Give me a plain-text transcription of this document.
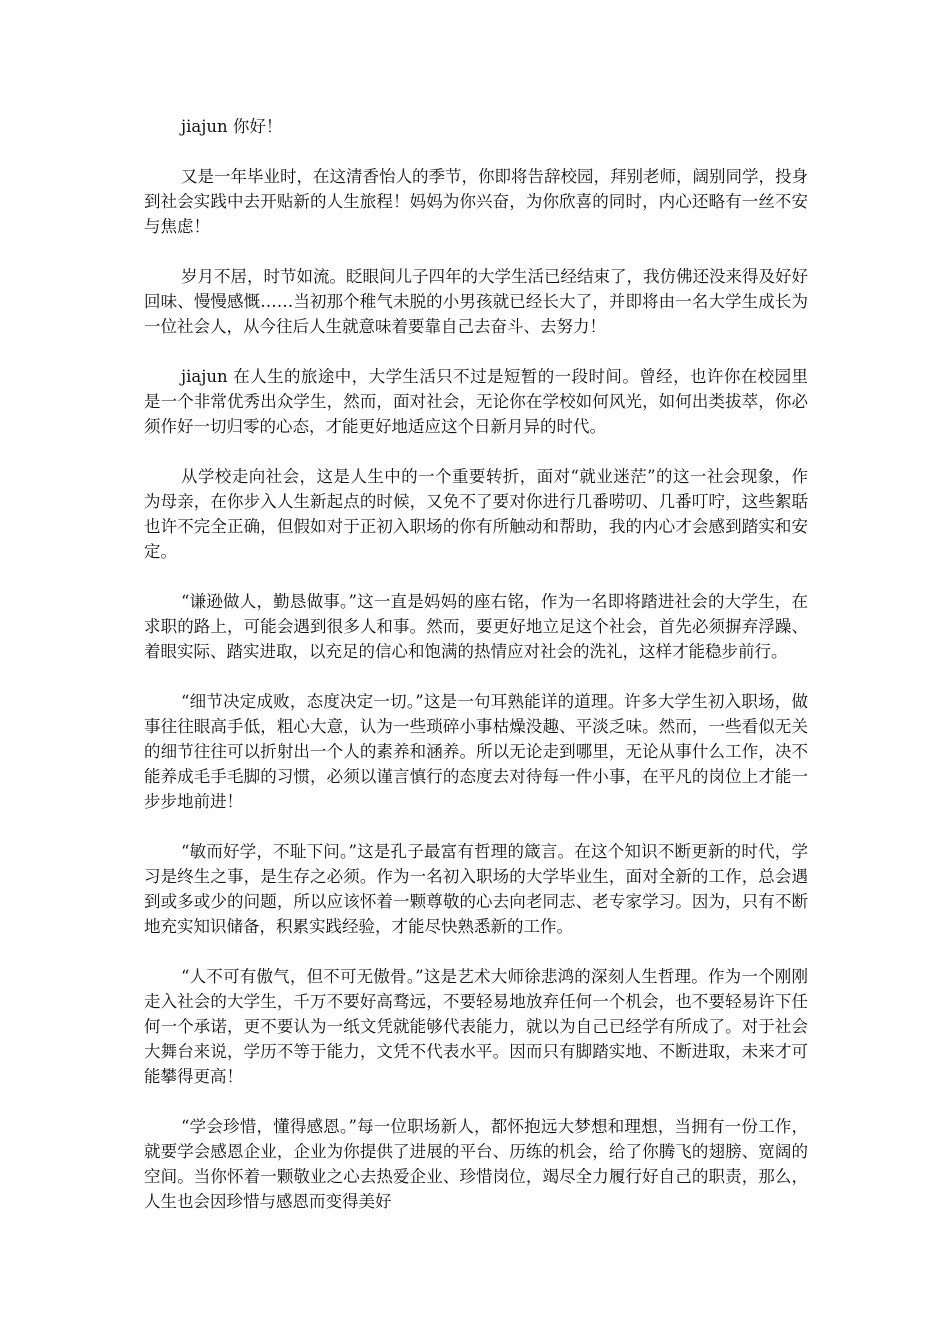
jiajun 你好！

又是一年毕业时，在这清香怡人的季节，你即将告辞校园，拜别老师，阔别同学，投身到社会实践中去开贴新的人生旅程！妈妈为你兴奋，为你欣喜的同时，内心还略有一丝不安与焦虑！

岁月不居，时节如流。眨眼间儿子四年的大学生活已经结束了，我仿佛还没来得及好好回味、慢慢感慨……当初那个稚气未脱的小男孩就已经长大了，并即将由一名大学生成长为一位社会人，从今往后人生就意味着要靠自己去奋斗、去努力！

jiajun 在人生的旅途中，大学生活只不过是短暂的一段时间。曾经，也许你在校园里是一个非常优秀出众学生，然而，面对社会，无论你在学校如何风光，如何出类拔萃，你必须作好一切归零的心态，才能更好地适应这个日新月异的时代。

从学校走向社会，这是人生中的一个重要转折，面对“就业迷茫”的这一社会现象，作为母亲，在你步入人生新起点的时候，又免不了要对你进行几番唠叨、几番叮咛，这些絮聒也许不完全正确，但假如对于正初入职场的你有所触动和帮助，我的内心才会感到踏实和安定。

“谦逊做人，勤恳做事。”这一直是妈妈的座右铭，作为一名即将踏进社会的大学生，在求职的路上，可能会遇到很多人和事。然而，要更好地立足这个社会，首先必须摒弃浮躁、着眼实际、踏实进取，以充足的信心和饱满的热情应对社会的洗礼，这样才能稳步前行。

“细节决定成败，态度决定一切。”这是一句耳熟能详的道理。许多大学生初入职场，做事往往眼高手低，粗心大意，认为一些琐碎小事枯燥没趣、平淡乏味。然而，一些看似无关的细节往往可以折射出一个人的素养和涵养。所以无论走到哪里，无论从事什么工作，决不能养成毛手毛脚的习惯，必须以谨言慎行的态度去对待每一件小事，在平凡的岗位上才能一步步地前进！

“敏而好学，不耻下问。”这是孔子最富有哲理的箴言。在这个知识不断更新的时代，学习是终生之事，是生存之必须。作为一名初入职场的大学毕业生，面对全新的工作，总会遇到或多或少的问题，所以应该怀着一颗尊敬的心去向老同志、老专家学习。因为，只有不断地充实知识储备，积累实践经验，才能尽快熟悉新的工作。

“人不可有傲气，但不可无傲骨。”这是艺术大师徐悲鸿的深刻人生哲理。作为一个刚刚走入社会的大学生，千万不要好高骛远，不要轻易地放弃任何一个机会，也不要轻易许下任何一个承诺，更不要认为一纸文凭就能够代表能力，就以为自己已经学有所成了。对于社会大舞台来说，学历不等于能力，文凭不代表水平。因而只有脚踏实地、不断进取，未来才可能攀得更高！

“学会珍惜，懂得感恩。”每一位职场新人，都怀抱远大梦想和理想，当拥有一份工作，就要学会感恩企业，企业为你提供了进展的平台、历练的机会，给了你腾飞的翅膀、宽阔的空间。当你怀着一颗敬业之心去热爱企业、珍惜岗位，竭尽全力履行好自己的职责，那么，人生也会因珍惜与感恩而变得美好
